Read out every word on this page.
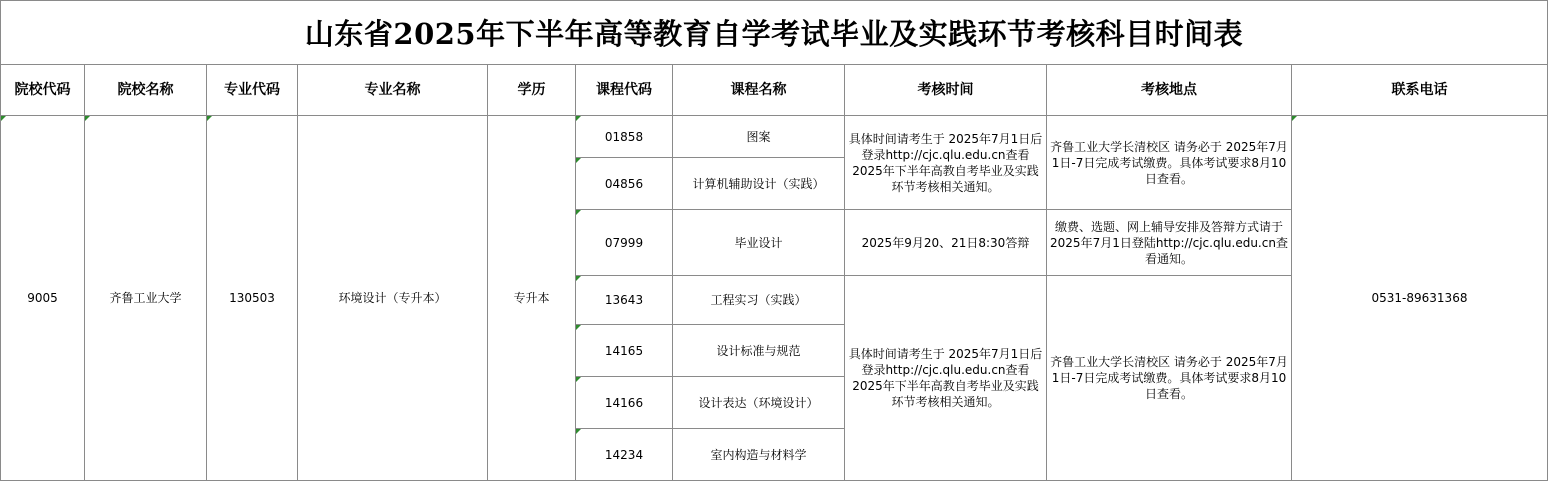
山东省2025年下半年高等教育自学考试毕业及实践环节考核科目时间表
院校代码	院校名称	专业代码	专业名称	学历	课程代码	课程名称	考核时间	考核地点	联系电话
9005	齐鲁工业大学	130503	环境设计（专升本）	专升本	01858	图案	具体时间请考生于 2025年7月1日后登录http://cjc.qlu.edu.cn查看2025年下半年高教自考毕业及实践环节考核相关通知。	齐鲁工业大学长清校区 请务必于 2025年7月1日-7日完成考试缴费。具体考试要求8月10日查看。	0531-89631368
					04856	计算机辅助设计（实践）			
					07999	毕业设计	2025年9月20、21日8:30答辩	缴费、选题、网上辅导安排及答辩方式请于2025年7月1日登陆http://cjc.qlu.edu.cn查看通知。	
					13643	工程实习（实践）	具体时间请考生于 2025年7月1日后登录http://cjc.qlu.edu.cn查看2025年下半年高教自考毕业及实践环节考核相关通知。	齐鲁工业大学长清校区 请务必于 2025年7月1日-7日完成考试缴费。具体考试要求8月10日查看。	
					14165	设计标准与规范			
					14166	设计表达（环境设计）			
					14234	室内构造与材料学			
